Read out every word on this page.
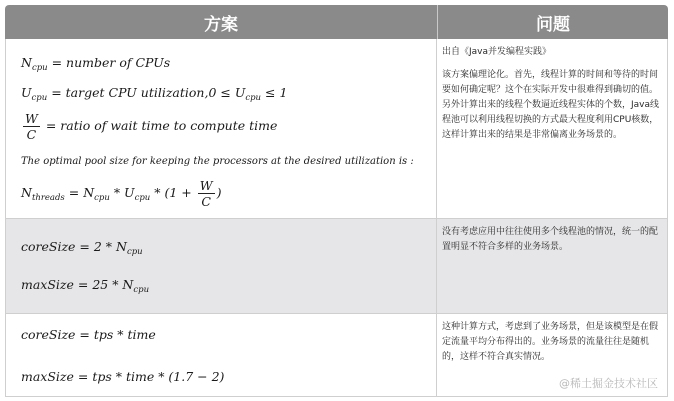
方案	问题
$N_{cpu}$ = number of CPUs
$U_{cpu}$ = target CPU utilization,0 ≤ $U_{cpu} \le 1$
$\frac{W}{C}$ = ratio of wait time to compute time
The optimal pool size for keeping the processors at the desired utilization is :
$N_{threads} = N_{cpu} * U_{cpu} * (1 + \frac{W}{C}$ )

出自《Java并发编程实践》

该方案偏理论化。首先，线程计算的时间和等待的时间要如何确定呢？这个在实际开发中很难得到确切的值。另外计算出来的线程个数逼近线程实体的个数，Java线程池可以利用线程切换的方式最大程度利用CPU核数，这样计算出来的结果是非常偏离业务场景的。

coreSize = $2 * N_{cpu}$
maxSize = $25 * N_{cpu}$

没有考虑应用中往往使用多个线程池的情况，统一的配置明显不符合多样的业务场景。

coreSize = tps * time
maxSize = tps * time * (1.7 − 2)

这种计算方式，考虑到了业务场景，但是该模型是在假定流量平均分布得出的。业务场景的流量往往是随机的，这样不符合真实情况。

@稀土掘金技术社区
